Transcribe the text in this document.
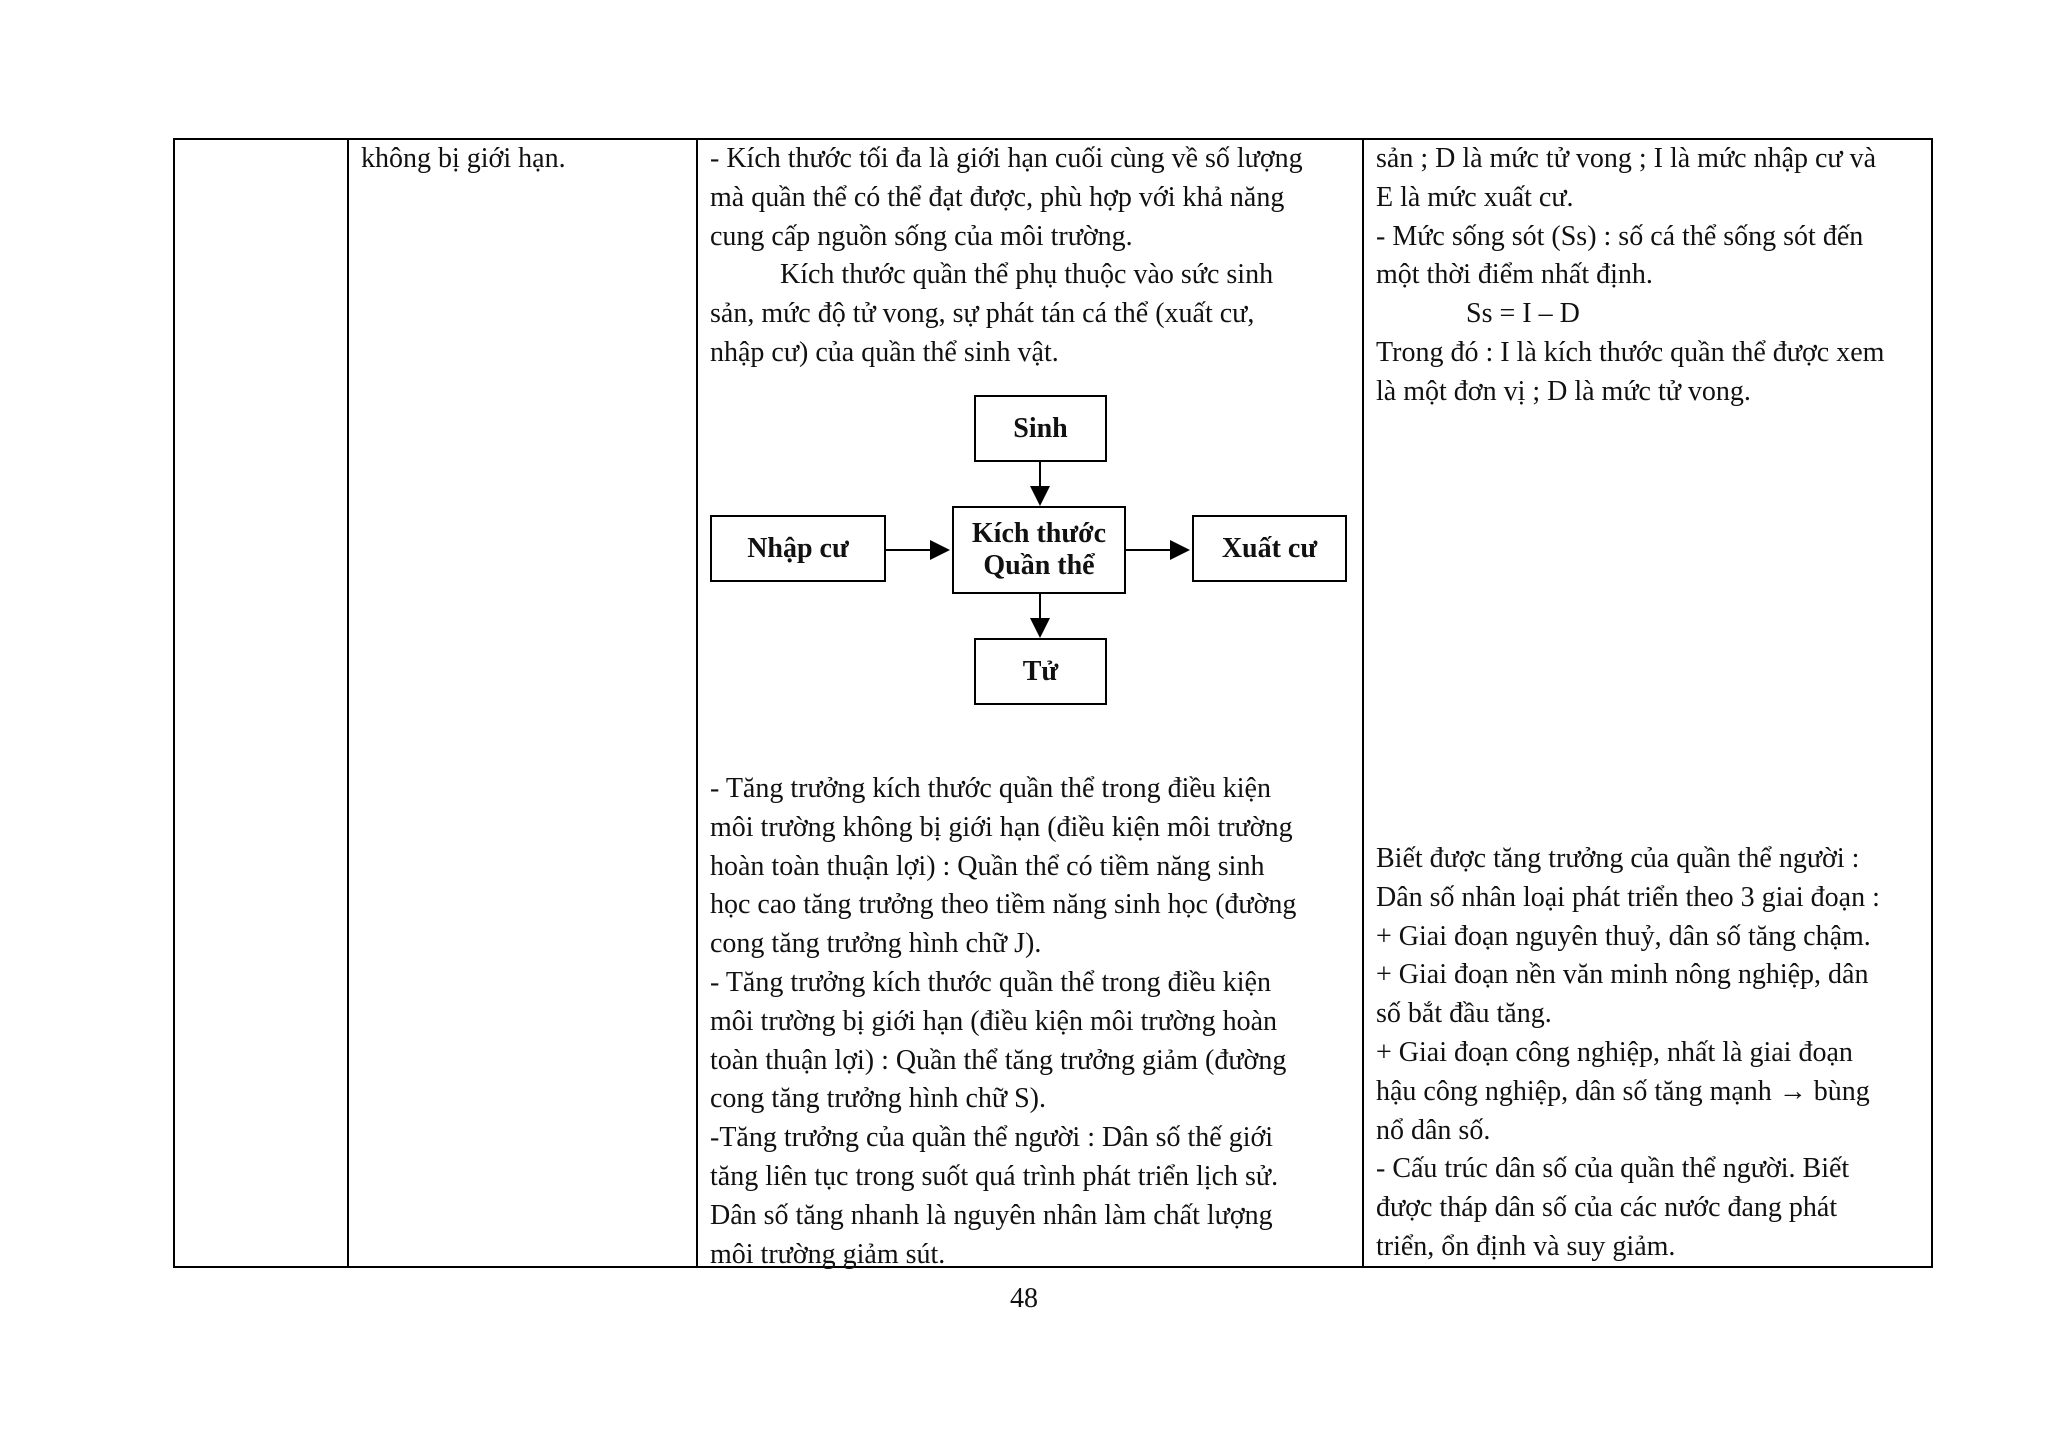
không bị giới hạn.	- Kích thước tối đa là giới hạn cuối cùng về số lượng
mà quần thể có thể đạt được, phù hợp với khả năng
cung cấp nguồn sống của môi trường.
Kích thước quần thể phụ thuộc vào sức sinh
sản, mức độ tử vong, sự phát tán cá thể (xuất cư,
nhập cư) của quần thể sinh vật.
Sinh
Nhập cư	Kích thước
Quần thể
Xuất cư
Tử
- Tăng trưởng kích thước quần thể trong điều kiện
môi trường không bị giới hạn (điều kiện môi trường
hoàn toàn thuận lợi) : Quần thể có tiềm năng sinh
học cao tăng trưởng theo tiềm năng sinh học (đường
cong tăng trưởng hình chữ J).
- Tăng trưởng kích thước quần thể trong điều kiện
môi trường bị giới hạn (điều kiện môi trường hoàn
toàn thuận lợi) : Quần thể tăng trưởng giảm (đường
cong tăng trưởng hình chữ S).
-Tăng trưởng của quần thể người : Dân số thế giới
tăng liên tục trong suốt quá trình phát triển lịch sử.
Dân số tăng nhanh là nguyên nhân làm chất lượng
môi trường giảm sút.
sản ; D là mức tử vong ; I là mức nhập cư và
E là mức xuất cư.
- Mức sống sót (Ss) : số cá thể sống sót đến
một thời điểm nhất định.
Ss = I – D
Trong đó : I là kích thước quần thể được xem
là một đơn vị ; D là mức tử vong.
Biết được tăng trưởng của quần thể người :
Dân số nhân loại phát triển theo 3 giai đoạn :
+ Giai đoạn nguyên thuỷ, dân số tăng chậm.
+ Giai đoạn nền văn minh nông nghiệp, dân
số bắt đầu tăng.
+ Giai đoạn công nghiệp, nhất là giai đoạn
hậu công nghiệp, dân số tăng mạnh → bùng
nổ dân số.
- Cấu trúc dân số của quần thể người. Biết
được tháp dân số của các nước đang phát
triển, ổn định và suy giảm.
48
